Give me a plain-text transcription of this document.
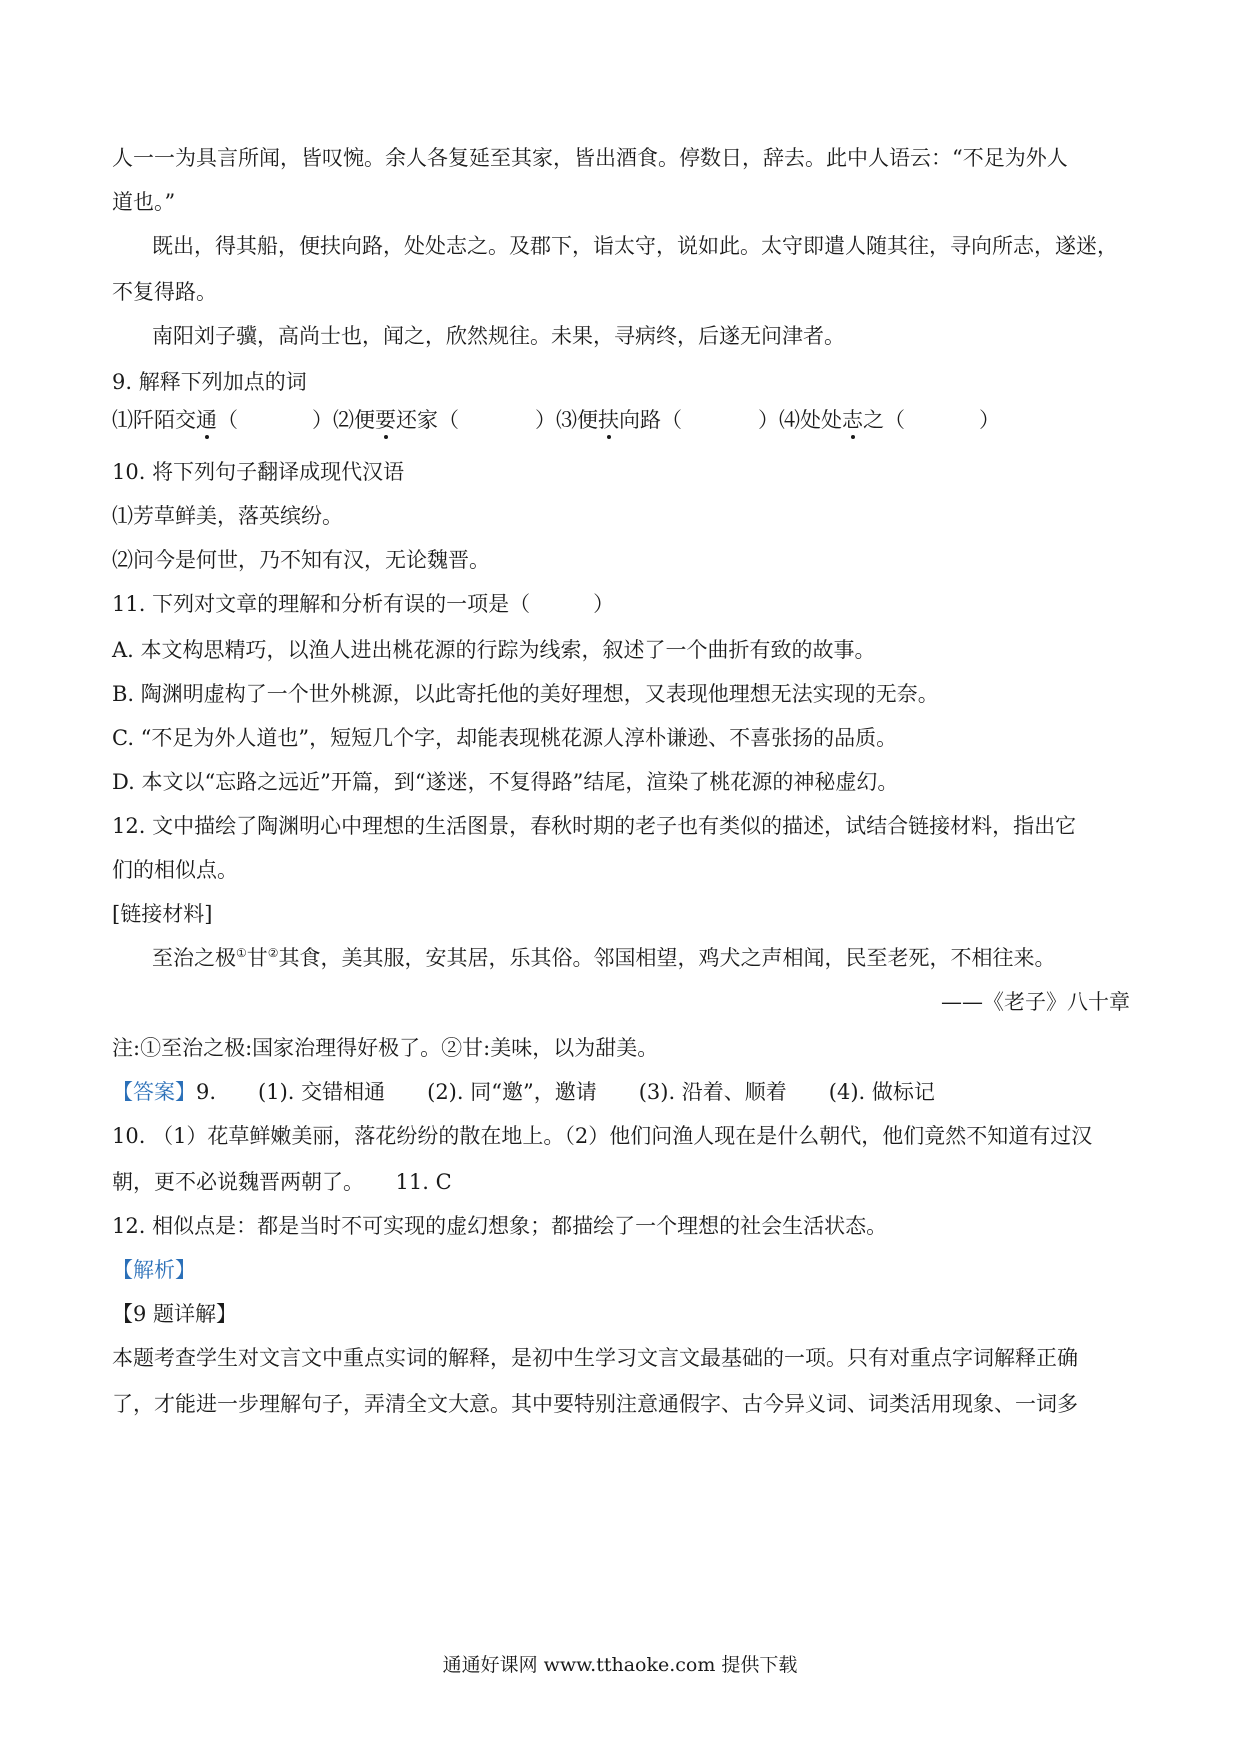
人一一为具言所闻，皆叹惋。余人各复延至其家，皆出酒食。停数日，辞去。此中人语云：“不足为外人
道也。”
既出，得其船，便扶向路，处处志之。及郡下，诣太守，说如此。太守即遣人随其往，寻向所志，遂迷，
不复得路。
南阳刘子骥，高尚士也，闻之，欣然规往。未果，寻病终，后遂无问津者。
9. 解释下列加点的词
⑴阡陌交通（	）⑵便要还家（	）⑶便扶向路（	）⑷处处志之（	）
10. 将下列句子翻译成现代汉语
⑴芳草鲜美，落英缤纷。
⑵问今是何世，乃不知有汉，无论魏晋。
11. 下列对文章的理解和分析有误的一项是（　　　）
A. 本文构思精巧，以渔人进出桃花源的行踪为线索，叙述了一个曲折有致的故事。
B. 陶渊明虚构了一个世外桃源，以此寄托他的美好理想，又表现他理想无法实现的无奈。
C. “不足为外人道也”，短短几个字，却能表现桃花源人淳朴谦逊、不喜张扬的品质。
D. 本文以“忘路之远近”开篇，到“遂迷，不复得路”结尾，渲染了桃花源的神秘虚幻。
12. 文中描绘了陶渊明心中理想的生活图景，春秋时期的老子也有类似的描述，试结合链接材料，指出它
们的相似点。
[链接材料]
至治之极①甘②其食，美其服，安其居，乐其俗。邻国相望，鸡犬之声相闻，民至老死，不相往来。
——《老子》八十章
注:①至治之极:国家治理得好极了。②甘:美味，以为甜美。
【答案】9.　　(1). 交错相通　　(2). 同“邀”，邀请　　(3). 沿着、顺着　　(4). 做标记
10. （1）花草鲜嫩美丽，落花纷纷的散在地上。（2）他们问渔人现在是什么朝代，他们竟然不知道有过汉
朝，更不必说魏晋两朝了。　　11. C
12. 相似点是：都是当时不可实现的虚幻想象；都描绘了一个理想的社会生活状态。
【解析】
【9 题详解】
本题考查学生对文言文中重点实词的解释，是初中生学习文言文最基础的一项。只有对重点字词解释正确
了，才能进一步理解句子，弄清全文大意。其中要特别注意通假字、古今异义词、词类活用现象、一词多
通通好课网 www.tthaoke.com 提供下载
